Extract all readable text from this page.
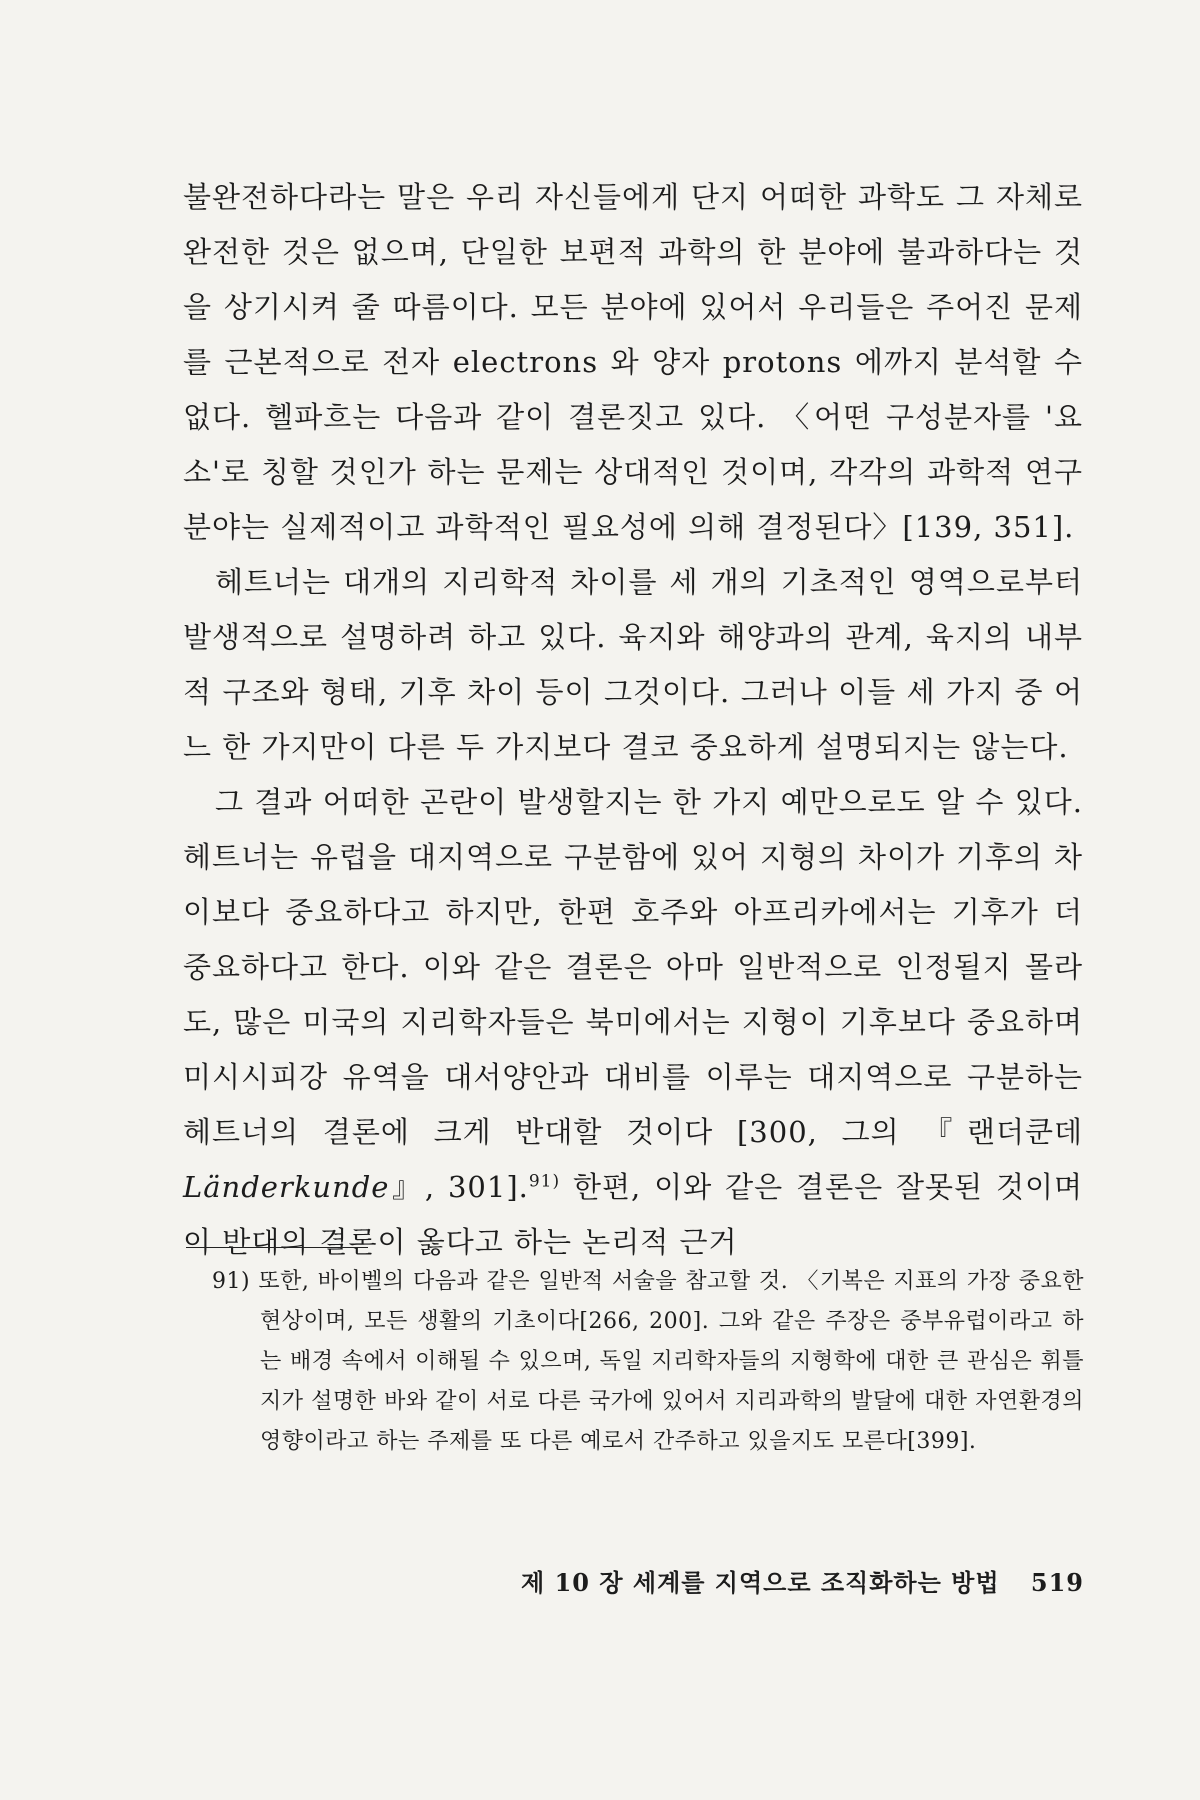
불완전하다라는 말은 우리 자신들에게 단지 어떠한 과학도 그 자체로 완전한 것은 없으며, 단일한 보편적 과학의 한 분야에 불과하다는 것을 상기시켜 줄 따름이다. 모든 분야에 있어서 우리들은 주어진 문제를 근본적으로 전자 electrons 와 양자 protons 에까지 분석할 수 없다. 헬파흐는 다음과 같이 결론짓고 있다. 〈어떤 구성분자를 '요소'로 칭할 것인가 하는 문제는 상대적인 것이며, 각각의 과학적 연구분야는 실제적이고 과학적인 필요성에 의해 결정된다〉[139, 351].

헤트너는 대개의 지리학적 차이를 세 개의 기초적인 영역으로부터 발생적으로 설명하려 하고 있다. 육지와 해양과의 관계, 육지의 내부적 구조와 형태, 기후 차이 등이 그것이다. 그러나 이들 세 가지 중 어느 한 가지만이 다른 두 가지보다 결코 중요하게 설명되지는 않는다.

그 결과 어떠한 곤란이 발생할지는 한 가지 예만으로도 알 수 있다. 헤트너는 유럽을 대지역으로 구분함에 있어 지형의 차이가 기후의 차이보다 중요하다고 하지만, 한편 호주와 아프리카에서는 기후가 더 중요하다고 한다. 이와 같은 결론은 아마 일반적으로 인정될지 몰라도, 많은 미국의 지리학자들은 북미에서는 지형이 기후보다 중요하며 미시시피강 유역을 대서양안과 대비를 이루는 대지역으로 구분하는 헤트너의 결론에 크게 반대할 것이다 [300, 그의 『랜더쿤데 Länderkunde』, 301].$^{91)}$ 한편, 이와 같은 결론은 잘못된 것이며 이 반대의 결론이 옳다고 하는 논리적 근거

91) 또한, 바이벨의 다음과 같은 일반적 서술을 참고할 것. 〈기복은 지표의 가장 중요한 현상이며, 모든 생활의 기초이다[266, 200]. 그와 같은 주장은 중부유럽이라고 하는 배경 속에서 이해될 수 있으며, 독일 지리학자들의 지형학에 대한 큰 관심은 휘틀지가 설명한 바와 같이 서로 다른 국가에 있어서 지리과학의 발달에 대한 자연환경의 영향이라고 하는 주제를 또 다른 예로서 간주하고 있을지도 모른다[399].

제 10 장 세계를 지역으로 조직화하는 방법 519
